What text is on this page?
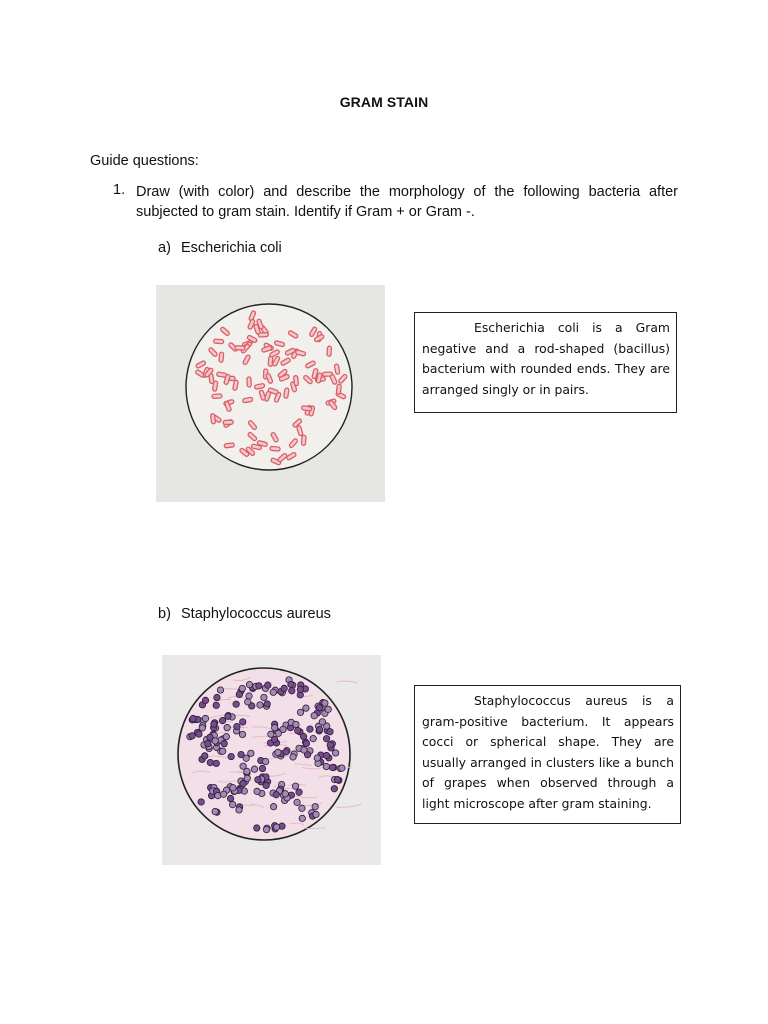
GRAM STAIN
Guide questions:
1. Draw (with color) and describe the morphology of the following bacteria after subjected to gram stain. Identify if Gram + or Gram -.
a) Escherichia coli

Escherichia coli is a Gram negative and a rod-shaped (bacillus) bacterium with rounded ends. They are arranged singly or in pairs.

b) Staphylococcus aureus

Staphylococcus aureus is a gram-positive bacterium. It appears cocci or spherical shape. They are usually arranged in clusters like a bunch of grapes when observed through a light microscope after gram staining.
